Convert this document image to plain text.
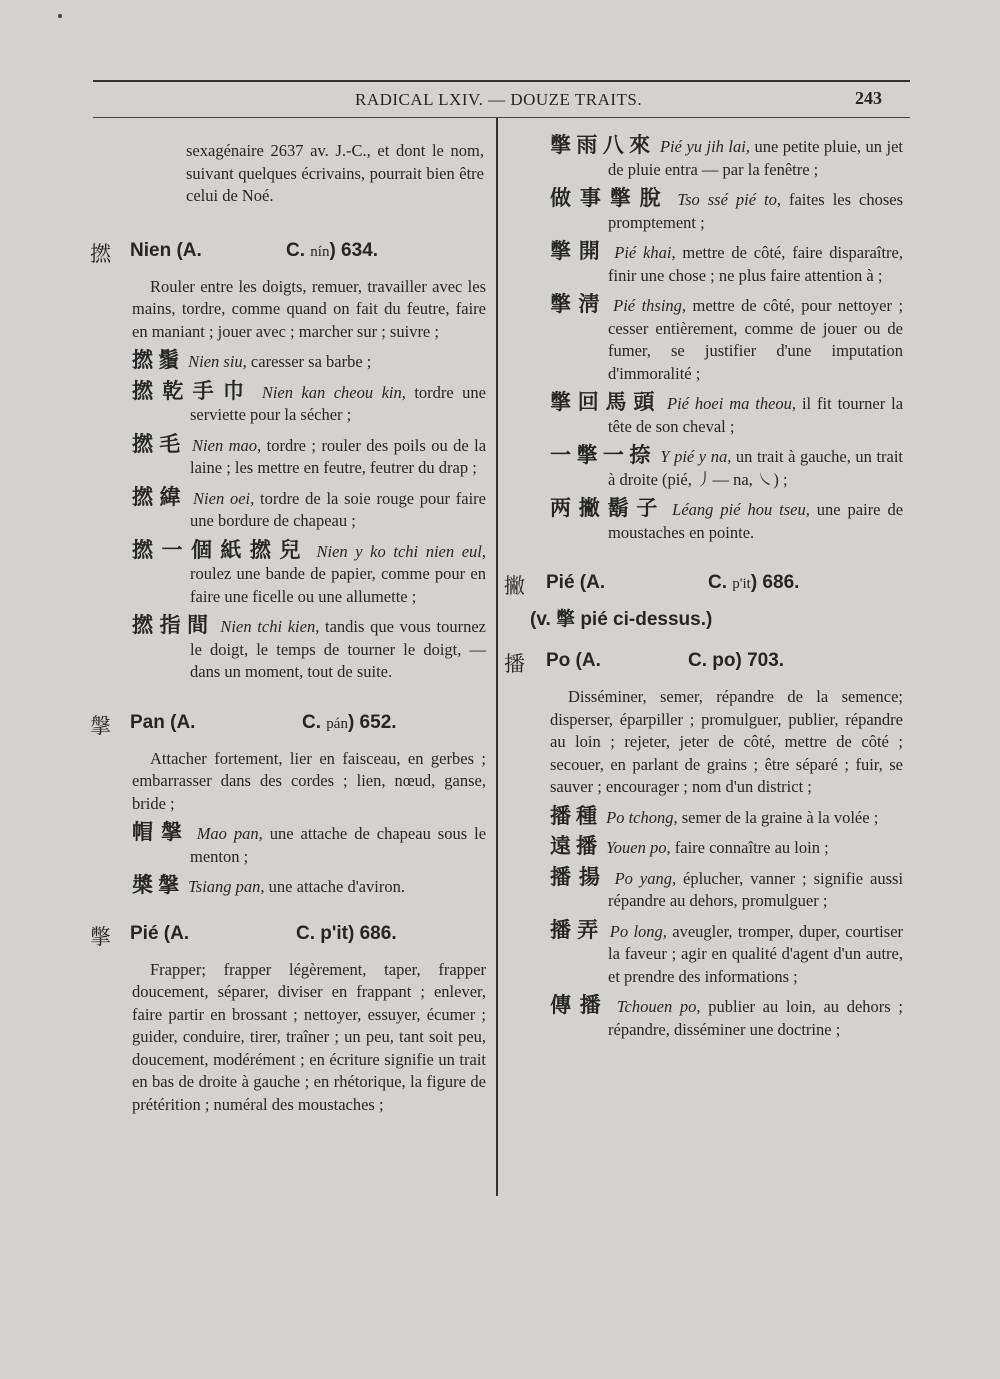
RADICAL LXIV. — DOUZE TRAITS.	243
sexagénaire 2637 av. J.-C., et dont le nom, suivant quelques écrivains, pourrait bien être celui de Noé.
撚 Nien (A.	C. nín) 634.
Rouler entre les doigts, remuer, travailler avec les mains, tordre, comme quand on fait du feutre, faire en maniant ; jouer avec ; marcher sur ; suivre ;
撚鬚 Nien siu, caresser sa barbe ;
撚乾手巾 Nien kan cheou kin, tordre une serviette pour la sécher ;
撚毛 Nien mao, tordre ; rouler des poils ou de la laine ; les mettre en feutre, feutrer du drap ;
撚緯 Nien oei, tordre de la soie rouge pour faire une bordure de chapeau ;
撚一個紙撚兒 Nien y ko tchi nien eul, roulez une bande de papier, comme pour en faire une ficelle ou une allumette ;
撚指間 Nien tchi kien, tandis que vous tournez le doigt, le temps de tourner le doigt, — dans un moment, tout de suite.
搫 Pan (A.	C. pán) 652.
Attacher fortement, lier en faisceau, en gerbes ; embarrasser dans des cordes ; lien, nœud, ganse, bride ;
帽搫 Mao pan, une attache de chapeau sous le menton ;
槳搫 Tsiang pan, une attache d'aviron.
撆 Pié (A.	C. p'it) 686.
Frapper; frapper légèrement, taper, frapper doucement, séparer, diviser en frappant ; enlever, faire partir en brossant ; nettoyer, essuyer, écumer ; guider, conduire, tirer, traîner ; un peu, tant soit peu, doucement, modérément ; en écriture signifie un trait en bas de droite à gauche ; en rhétorique, la figure de prétérition ; numéral des moustaches ;
撆雨八來 Pié yu jih lai, une petite pluie, un jet de pluie entra — par la fenêtre ;
做事撆脫 Tso ssé pié to, faites les choses promptement ;
撆開 Pié khai, mettre de côté, faire disparaître, finir une chose ; ne plus faire attention à ;
撆淸 Pié thsing, mettre de côté, pour nettoyer ; cesser entièrement, comme de jouer ou de fumer, se justifier d'une imputation d'immoralité ;
撆回馬頭 Pié hoei ma theou, il fit tourner la tête de son cheval ;
一撆一捺 Y pié y na, un trait à gauche, un trait à droite (pié, 丿— na, ㇏) ;
两撇鬍子 Léang pié hou tseu, une paire de moustaches en pointe.
撇 Pié (A.	C. p'it) 686.
(v. 撆 pié ci-dessus.)
播 Po (A.	C. po) 703.
Disséminer, semer, répandre de la semence; disperser, éparpiller ; promulguer, publier, répandre au loin ; rejeter, jeter de côté, mettre de côté ; secouer, en parlant de grains ; être séparé ; fuir, se sauver ; encourager ; nom d'un district ;
播種 Po tchong, semer de la graine à la volée ;
遠播 Youen po, faire connaître au loin ;
播揚 Po yang, éplucher, vanner ; signifie aussi répandre au dehors, promulguer ;
播弄 Po long, aveugler, tromper, duper, courtiser la faveur ; agir en qualité d'agent d'un autre, et prendre des informations ;
傳播 Tchouen po, publier au loin, au dehors ; répandre, disséminer une doctrine ;
